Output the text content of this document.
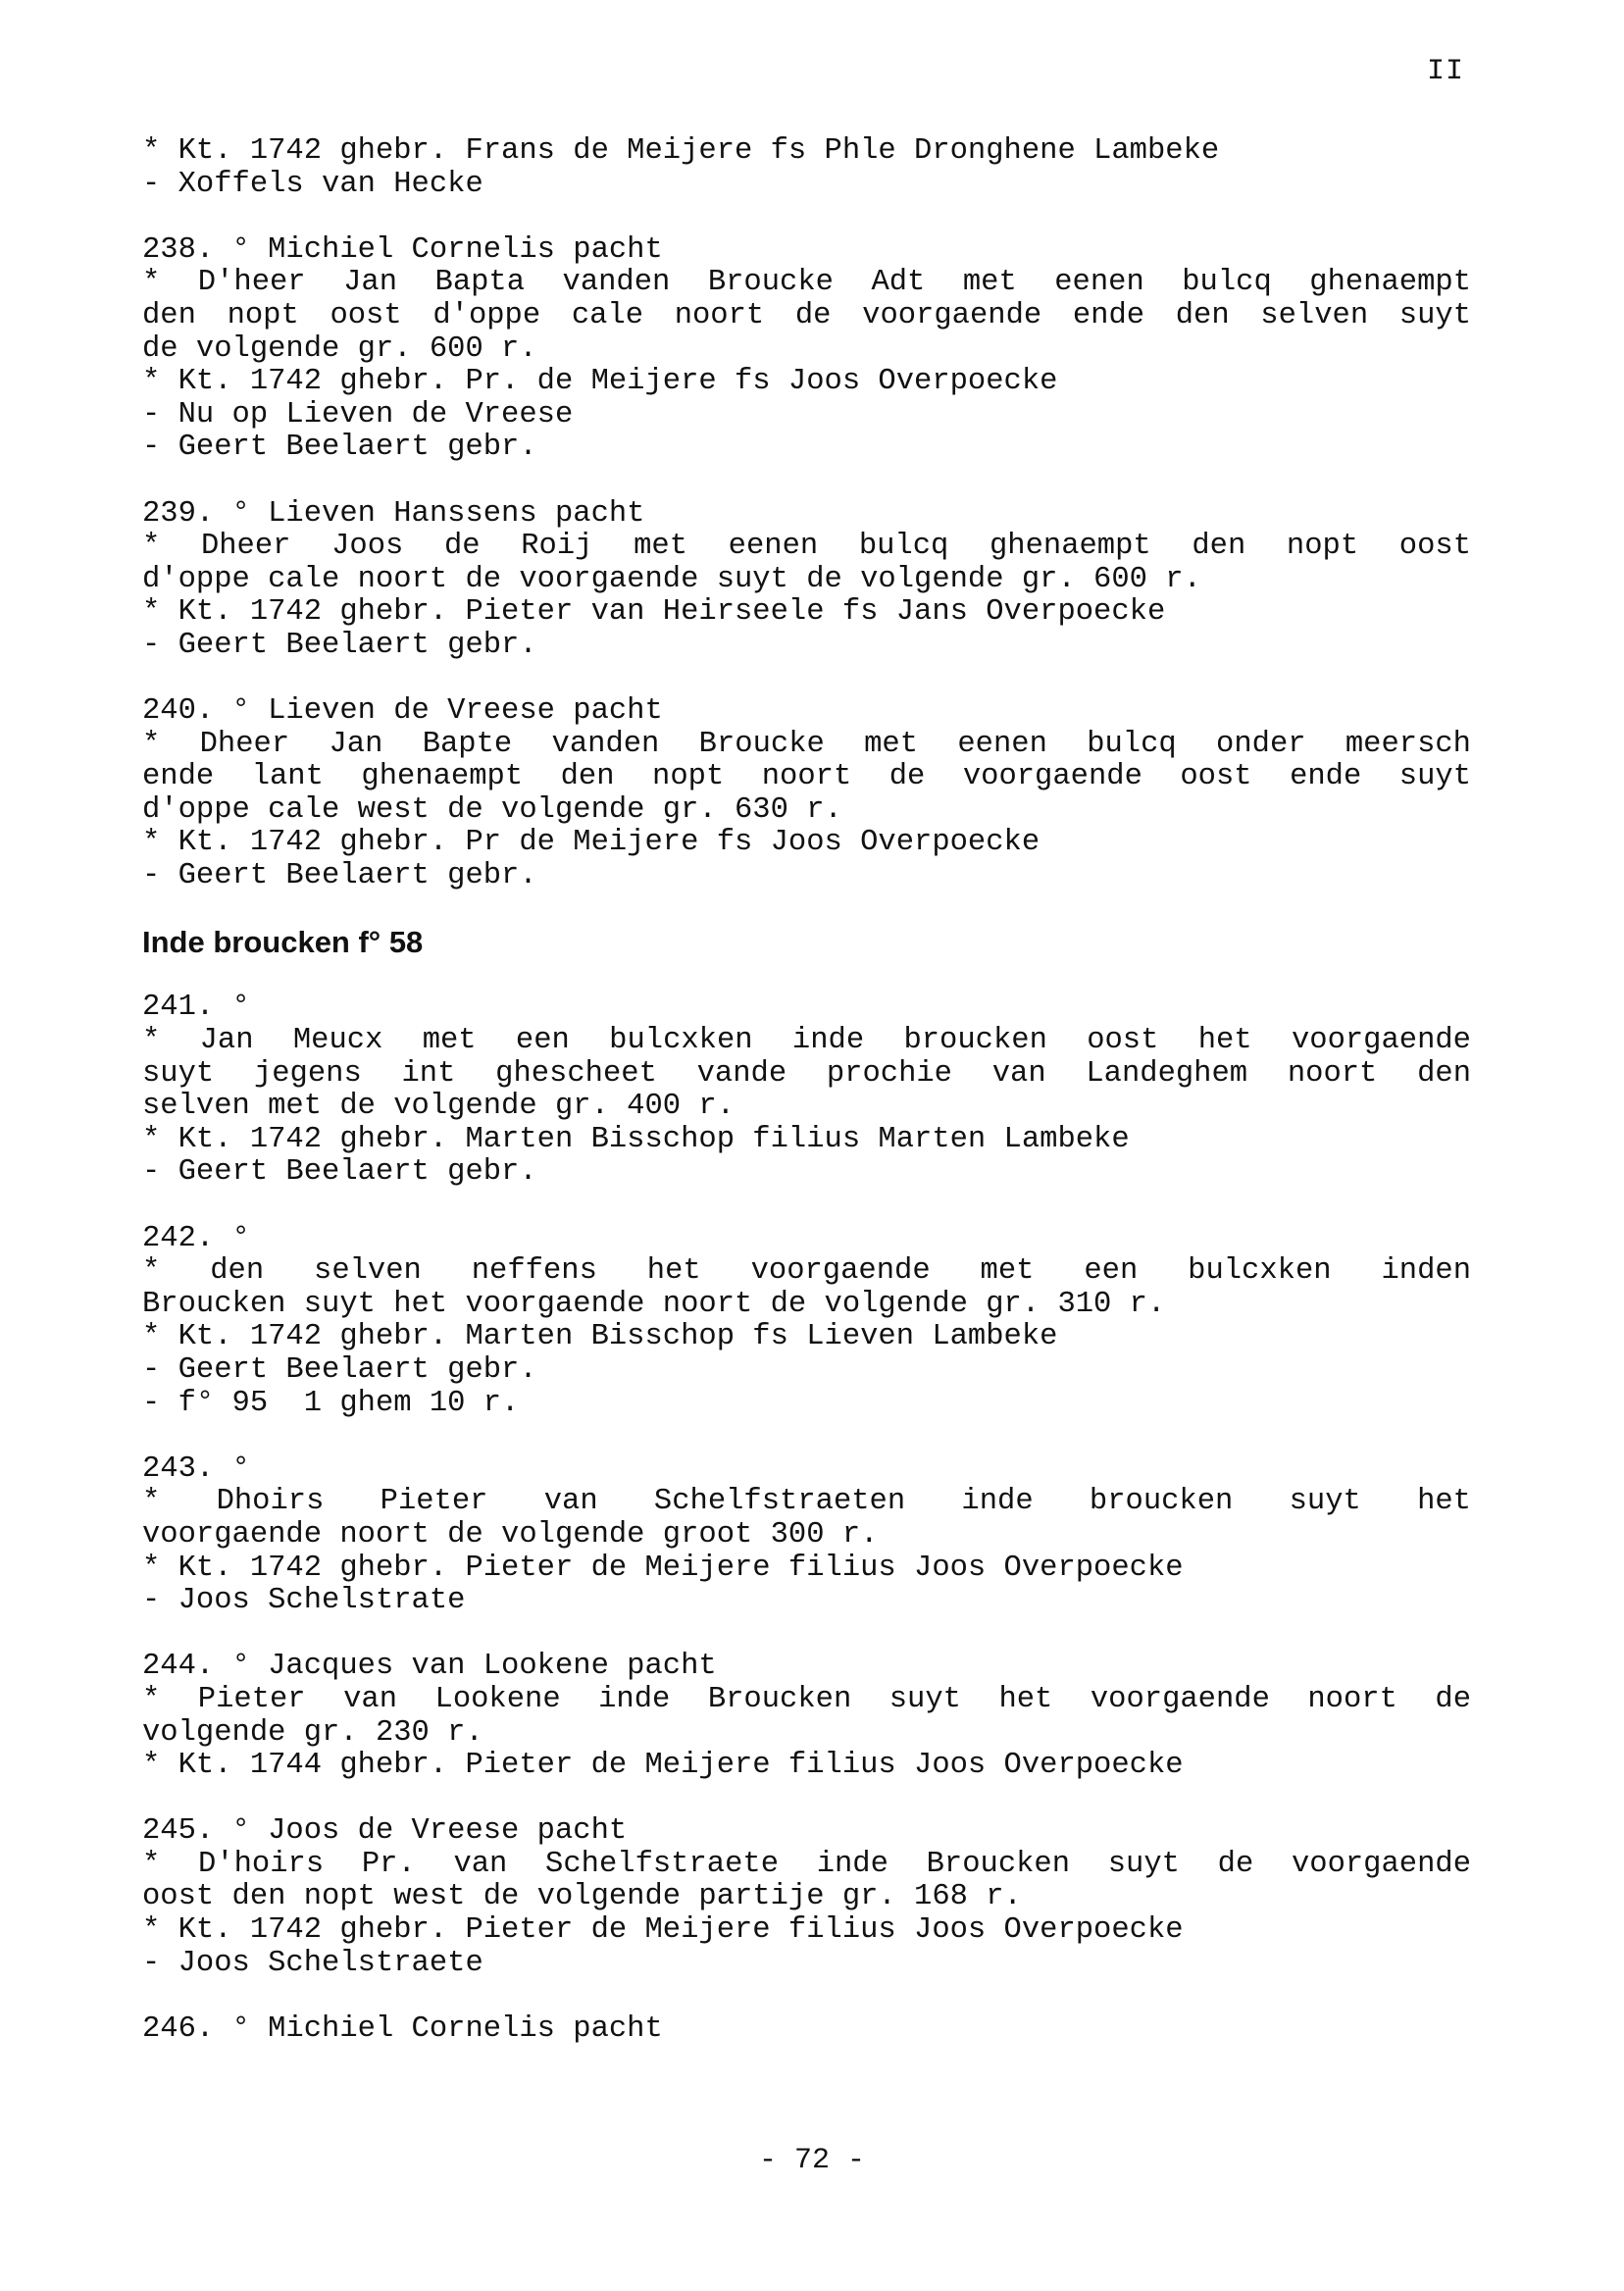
II
* Kt. 1742 ghebr. Frans de Meijere fs Phle Dronghene Lambeke
- Xoffels van Hecke
238. ° Michiel Cornelis pacht
* D'heer Jan Bapta vanden Broucke Adt met eenen bulcq ghenaempt
den nopt oost d'oppe cale noort de voorgaende ende den selven suyt
de volgende gr. 600 r.
* Kt. 1742 ghebr. Pr. de Meijere fs Joos Overpoecke
- Nu op Lieven de Vreese
- Geert Beelaert gebr.
239. ° Lieven Hanssens pacht
* Dheer Joos de Roij met eenen bulcq ghenaempt den nopt oost
d'oppe cale noort de voorgaende suyt de volgende gr. 600 r.
* Kt. 1742 ghebr. Pieter van Heirseele fs Jans Overpoecke
- Geert Beelaert gebr.
240. ° Lieven de Vreese pacht
* Dheer Jan Bapte vanden Broucke met eenen bulcq onder meersch
ende lant ghenaempt den nopt noort de voorgaende oost ende suyt
d'oppe cale west de volgende gr. 630 r.
* Kt. 1742 ghebr. Pr de Meijere fs Joos Overpoecke
- Geert Beelaert gebr.
Inde broucken f° 58
241. °
* Jan Meucx met een bulcxken inde broucken oost het voorgaende
suyt jegens int ghescheet vande prochie van Landeghem noort den
selven met de volgende gr. 400 r.
* Kt. 1742 ghebr. Marten Bisschop filius Marten Lambeke
- Geert Beelaert gebr.
242. °
* den selven neffens het voorgaende met een bulcxken inden
Broucken suyt het voorgaende noort de volgende gr. 310 r.
* Kt. 1742 ghebr. Marten Bisschop fs Lieven Lambeke
- Geert Beelaert gebr.
- f° 95  1 ghem 10 r.
243. °
* Dhoirs Pieter van Schelfstraeten inde broucken suyt het
voorgaende noort de volgende groot 300 r.
* Kt. 1742 ghebr. Pieter de Meijere filius Joos Overpoecke
- Joos Schelstrate
244. ° Jacques van Lookene pacht
* Pieter van Lookene inde Broucken suyt het voorgaende noort de
volgende gr. 230 r.
* Kt. 1744 ghebr. Pieter de Meijere filius Joos Overpoecke
245. ° Joos de Vreese pacht
* D'hoirs Pr. van Schelfstraete inde Broucken suyt de voorgaende
oost den nopt west de volgende partije gr. 168 r.
* Kt. 1742 ghebr. Pieter de Meijere filius Joos Overpoecke
- Joos Schelstraete
246. ° Michiel Cornelis pacht
- 72 -
